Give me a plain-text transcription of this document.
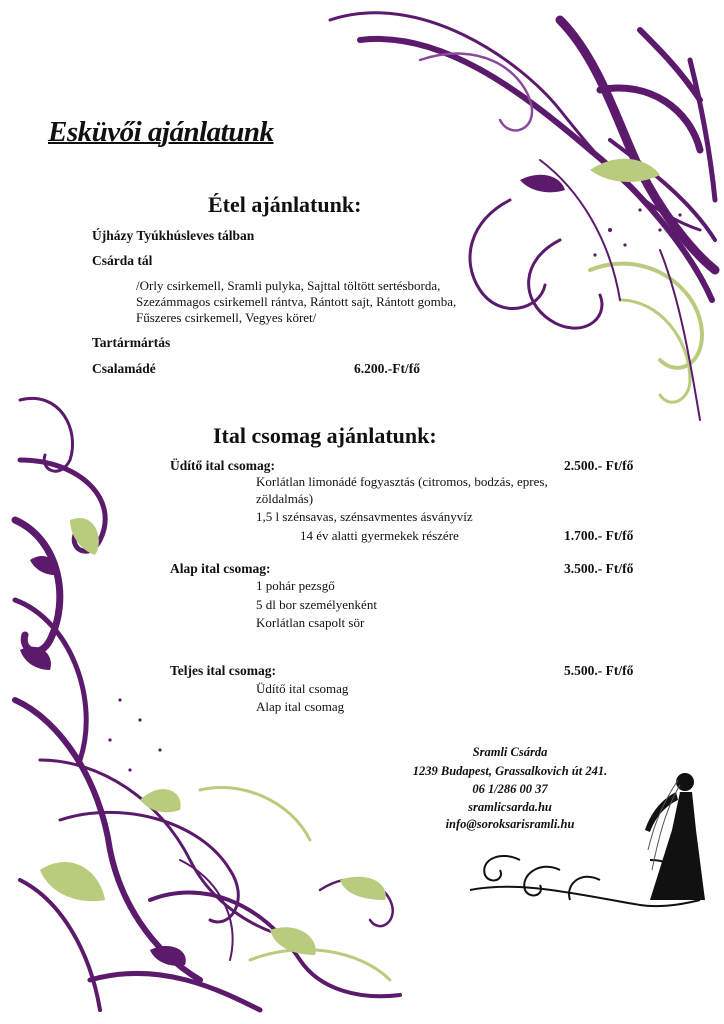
Esküvői ajánlatunk
Étel ajánlatunk:
Újházy Tyúkhúsleves tálban
Csárda tál
/Orly csirkemell, Sramli pulyka, Sajttal töltött sertésborda,
Szezámmagos csirkemell rántva, Rántott sajt, Rántott gomba,
Fűszeres csirkemell, Vegyes köret/
Tartármártás
Csalamádé	6.200.-Ft/fő
Ital csomag ajánlatunk:
Üdítő ital csomag:	2.500.- Ft/fő
Korlátlan limonádé fogyasztás (citromos, bodzás, epres,
zöldalmás)
1,5 l szénsavas, szénsavmentes ásványvíz
14 év alatti gyermekek részére	1.700.- Ft/fő
Alap ital csomag:	3.500.- Ft/fő
1 pohár pezsgő
5 dl bor személyenként
Korlátlan csapolt sör
Teljes ital csomag:	5.500.- Ft/fő
Üdítő ital csomag
Alap ital csomag
Sramli Csárda
1239 Budapest, Grassalkovich út 241.
06 1/286 00 37
sramlicsarda.hu
info@soroksarisramli.hu
